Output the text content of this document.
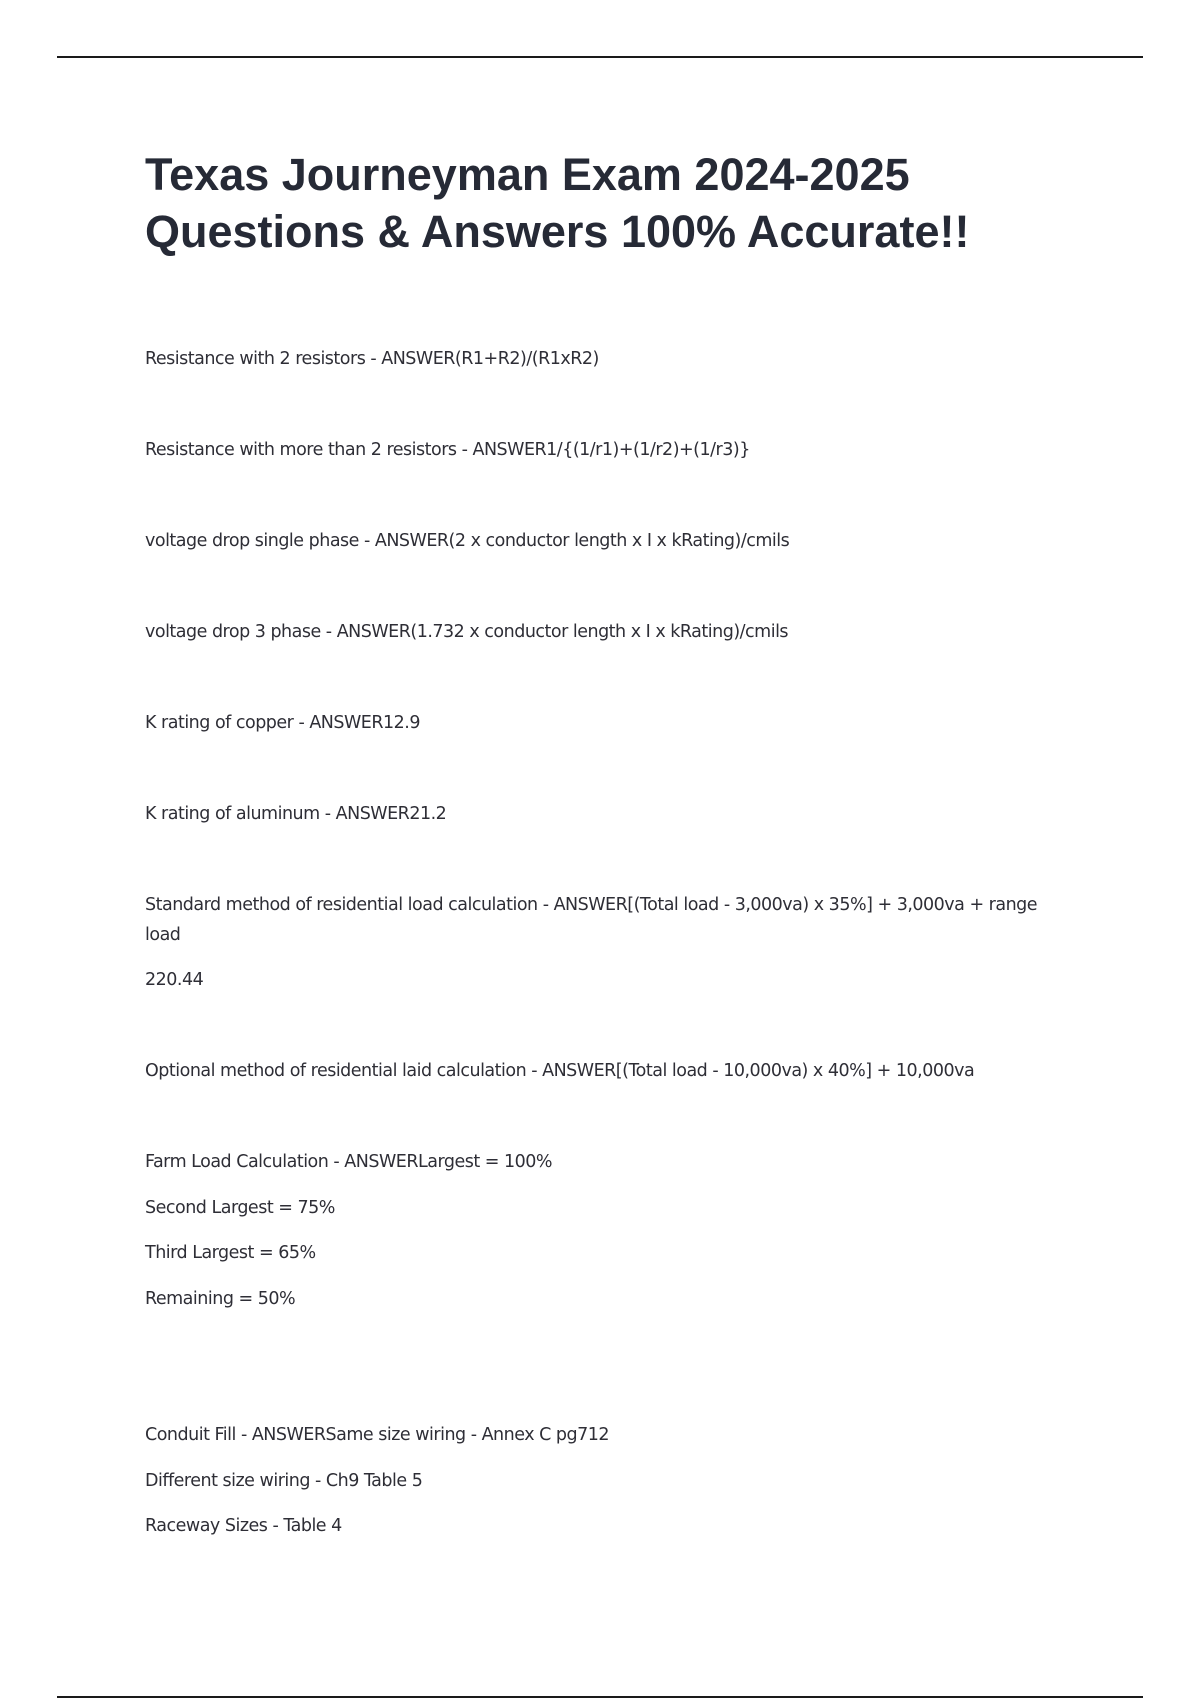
Texas Journeyman Exam 2024-2025
Questions & Answers 100% Accurate!!

Resistance with 2 resistors - ANSWER(R1+R2)/(R1xR2)

Resistance with more than 2 resistors - ANSWER1/{(1/r1)+(1/r2)+(1/r3)}

voltage drop single phase - ANSWER(2 x conductor length x I x kRating)/cmils

voltage drop 3 phase - ANSWER(1.732 x conductor length x I x kRating)/cmils

K rating of copper - ANSWER12.9

K rating of aluminum - ANSWER21.2

Standard method of residential load calculation - ANSWER[(Total load - 3,000va) x 35%] + 3,000va + range load

220.44

Optional method of residential laid calculation - ANSWER[(Total load - 10,000va) x 40%] + 10,000va

Farm Load Calculation - ANSWERLargest = 100%

Second Largest = 75%

Third Largest = 65%

Remaining = 50%

Conduit Fill - ANSWERSame size wiring - Annex C pg712

Different size wiring - Ch9 Table 5

Raceway Sizes - Table 4
